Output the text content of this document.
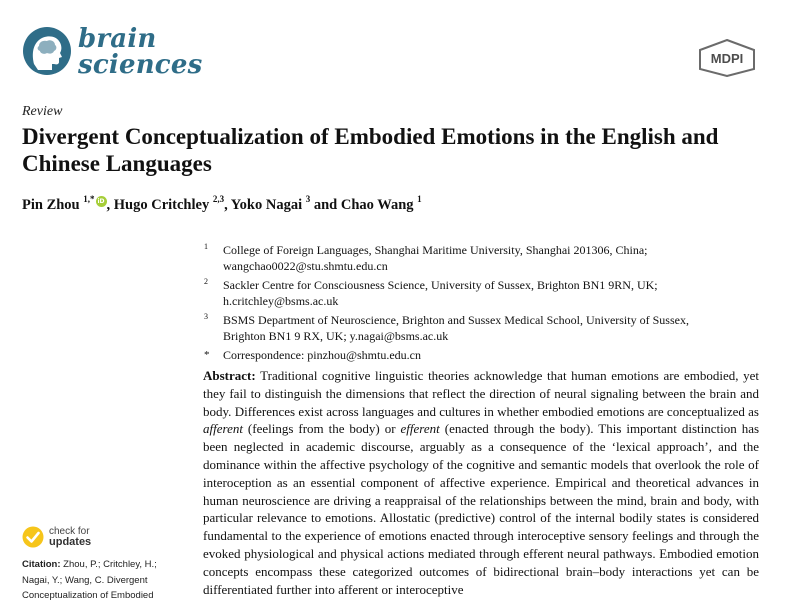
brain
sciences	MDPI
Review
Divergent Conceptualization of Embodied Emotions in the English and Chinese Languages
Pin Zhou $^{1,*}$ iD , Hugo Critchley $^{2,3}$, Yoko Nagai $^3$ and Chao Wang $^1$
1 College of Foreign Languages, Shanghai Maritime University, Shanghai 201306, China;
wangchao0022@stu.shmtu.edu.cn
2 Sackler Centre for Consciousness Science, University of Sussex, Brighton BN1 9RN, UK;
h.critchley@bsms.ac.uk
3 BSMS Department of Neuroscience, Brighton and Sussex Medical School, University of Sussex,
Brighton BN1 9 RX, UK; y.nagai@bsms.ac.uk
* Correspondence: pinzhou@shmtu.edu.cn
Abstract: Traditional cognitive linguistic theories acknowledge that human emotions are embodied, yet they fail to distinguish the dimensions that reflect the direction of neural signaling between the brain and body. Differences exist across languages and cultures in whether embodied emotions are conceptualized as afferent (feelings from the body) or efferent (enacted through the body). This important distinction has been neglected in academic discourse, arguably as a consequence of the ‘lexical approach’, and the dominance within the affective psychology of the cognitive and semantic models that overlook the role of interoception as an essential component of affective experience. Empirical and theoretical advances in human neuroscience are driving a reappraisal of the relationships between the mind, brain and body, with particular relevance to emotions. Allostatic (predictive) control of the internal bodily states is considered fundamental to the experience of emotions enacted through interoceptive sensory feelings and through the evoked physiological and physical actions mediated through efferent neural pathways. Embodied emotion concepts encompass these categorized outcomes of bidirectional brain–body interactions yet can be differentiated further into afferent or interoceptive
check for
updates
Citation: Zhou, P.; Critchley, H.; Nagai, Y.; Wang, C. Divergent Conceptualization of Embodied
